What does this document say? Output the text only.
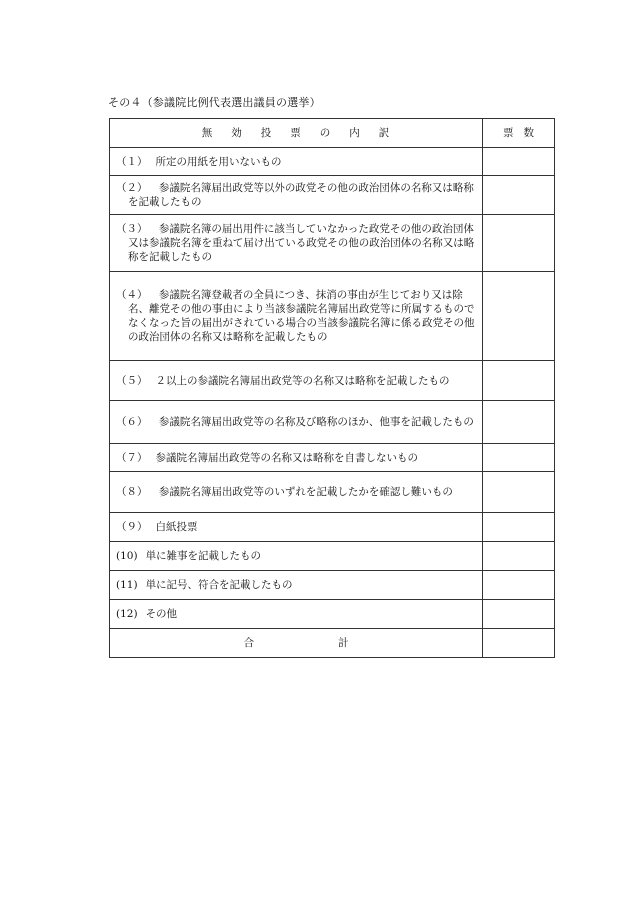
その４（参議院比例代表選出議員の選挙）
無 効 投 票 の 内 訳	票 数

（１） 所定の用紙を用いないもの	

（２） 参議院名簿届出政党等以外の政党その他の政治団体の名称又は略称を記載したもの	

（３） 参議院名簿の届出用件に該当していなかった政党その他の政治団体又は参議院名簿を重ねて届け出ている政党その他の政治団体の名称又は略称を記載したもの	

（４） 参議院名簿登載者の全員につき、抹消の事由が生じており又は除名、離党その他の事由により当該参議院名簿届出政党等に所属するものでなくなった旨の届出がされている場合の当該参議院名簿に係る政党その他の政治団体の名称又は略称を記載したもの	

（５） ２以上の参議院名簿届出政党等の名称又は略称を記載したもの	

（６） 参議院名簿届出政党等の名称及び略称のほか、他事を記載したもの	

（７） 参議院名簿届出政党等の名称又は略称を自書しないもの	

（８） 参議院名簿届出政党等のいずれを記載したかを確認し難いもの	

（９） 白紙投票	

(10) 単に雑事を記載したもの	

(11) 単に記号、符合を記載したもの	

(12) その他	

合 計	
